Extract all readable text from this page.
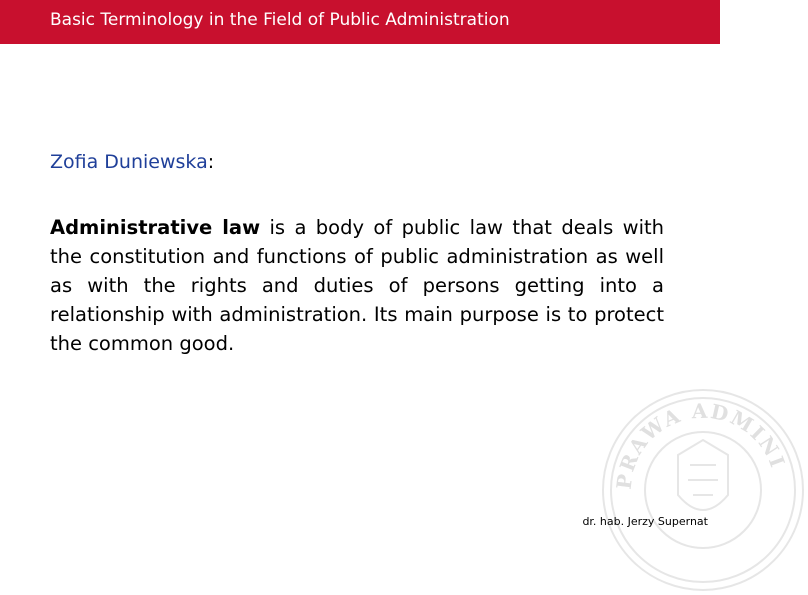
Basic Terminology in the Field of Public Administration
Zofia Duniewska:

Administrative law is a body of public law that deals with the constitution and functions of public administration as well as with the rights and duties of persons getting into a relationship with administration. Its main purpose is to protect the common good.

PRAWA ADMINI
dr. hab. Jerzy Supernat
